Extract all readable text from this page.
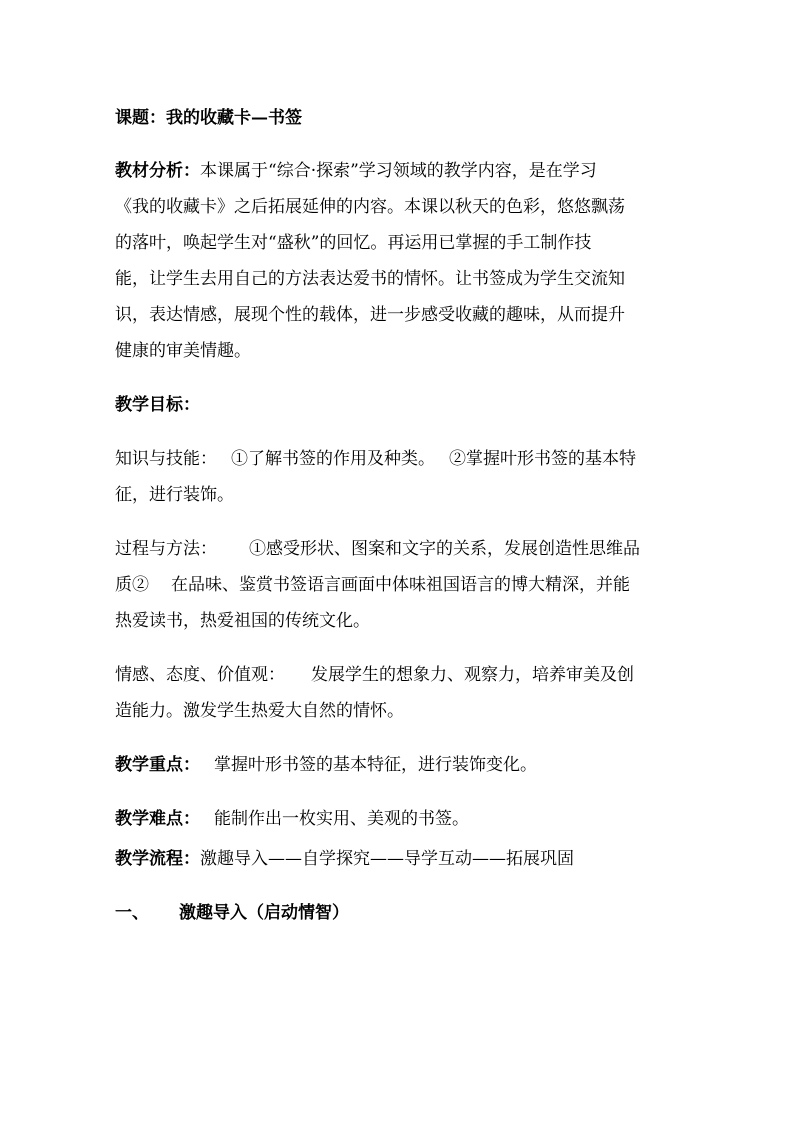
课题：我的收藏卡—书签
教材分析：本课属于“综合·探索”学习领域的教学内容，是在学习
《我的收藏卡》之后拓展延伸的内容。本课以秋天的色彩，悠悠飘荡
的落叶，唤起学生对“盛秋”的回忆。再运用已掌握的手工制作技
能，让学生去用自己的方法表达爱书的情怀。让书签成为学生交流知
识，表达情感，展现个性的载体，进一步感受收藏的趣味，从而提升
健康的审美情趣。
教学目标：
知识与技能： ①了解书签的作用及种类。 ②掌握叶形书签的基本特
征，进行装饰。
过程与方法： ①感受形状、图案和文字的关系，发展创造性思维品
质② 在品味、鉴赏书签语言画面中体味祖国语言的博大精深，并能
热爱读书，热爱祖国的传统文化。
情感、态度、价值观： 发展学生的想象力、观察力，培养审美及创
造能力。激发学生热爱大自然的情怀。
教学重点： 掌握叶形书签的基本特征，进行装饰变化。
教学难点： 能制作出一枚实用、美观的书签。
教学流程：激趣导入——自学探究——导学互动——拓展巩固
一、 激趣导入（启动情智）
